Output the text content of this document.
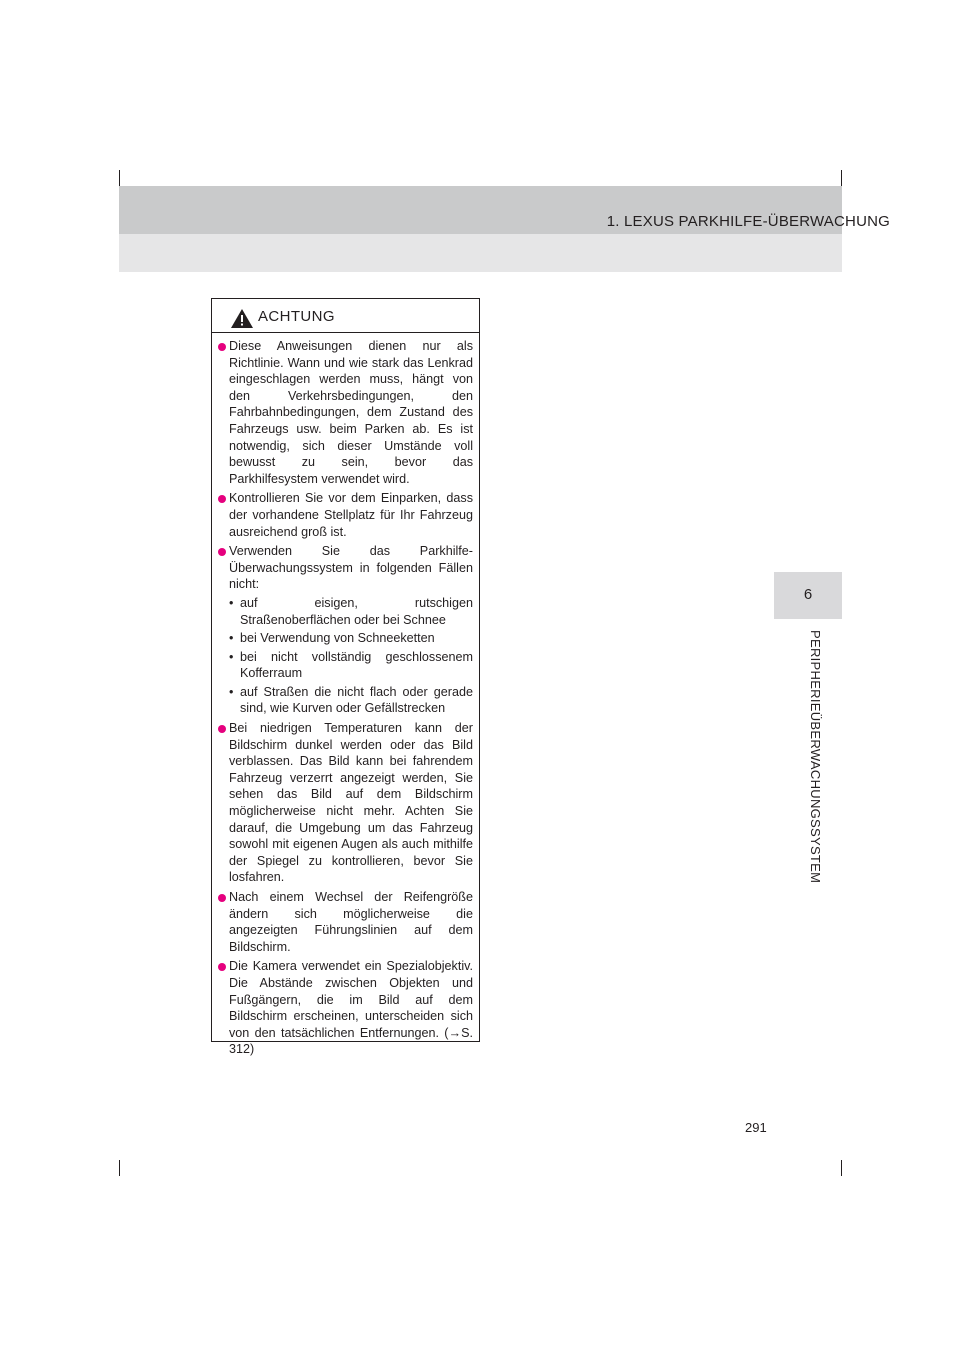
1. LEXUS PARKHILFE-ÜBERWACHUNG
6
PERIPHERIEÜBERWACHUNGSSYSTEM
ACHTUNG
Diese Anweisungen dienen nur als Richtlinie. Wann und wie stark das Lenkrad eingeschlagen werden muss, hängt von den Verkehrsbedingungen, den Fahrbahnbedingungen, dem Zustand des Fahrzeugs usw. beim Parken ab. Es ist notwendig, sich dieser Umstände voll bewusst zu sein, bevor das Parkhilfesystem verwendet wird.
Kontrollieren Sie vor dem Einparken, dass der vorhandene Stellplatz für Ihr Fahrzeug ausreichend groß ist.
Verwenden Sie das Parkhilfe-Überwachungssystem in folgenden Fällen nicht:
• auf eisigen, rutschigen Straßenoberflächen oder bei Schnee
• bei Verwendung von Schneeketten
• bei nicht vollständig geschlossenem Kofferraum
• auf Straßen die nicht flach oder gerade sind, wie Kurven oder Gefällstrecken
Bei niedrigen Temperaturen kann der Bildschirm dunkel werden oder das Bild verblassen. Das Bild kann bei fahrendem Fahrzeug verzerrt angezeigt werden, Sie sehen das Bild auf dem Bildschirm möglicherweise nicht mehr. Achten Sie darauf, die Umgebung um das Fahrzeug sowohl mit eigenen Augen als auch mithilfe der Spiegel zu kontrollieren, bevor Sie losfahren.
Nach einem Wechsel der Reifengröße ändern sich möglicherweise die angezeigten Führungslinien auf dem Bildschirm.
Die Kamera verwendet ein Spezialobjektiv. Die Abstände zwischen Objekten und Fußgängern, die im Bild auf dem Bildschirm erscheinen, unterscheiden sich von den tatsächlichen Entfernungen. (→S. 312)
291
